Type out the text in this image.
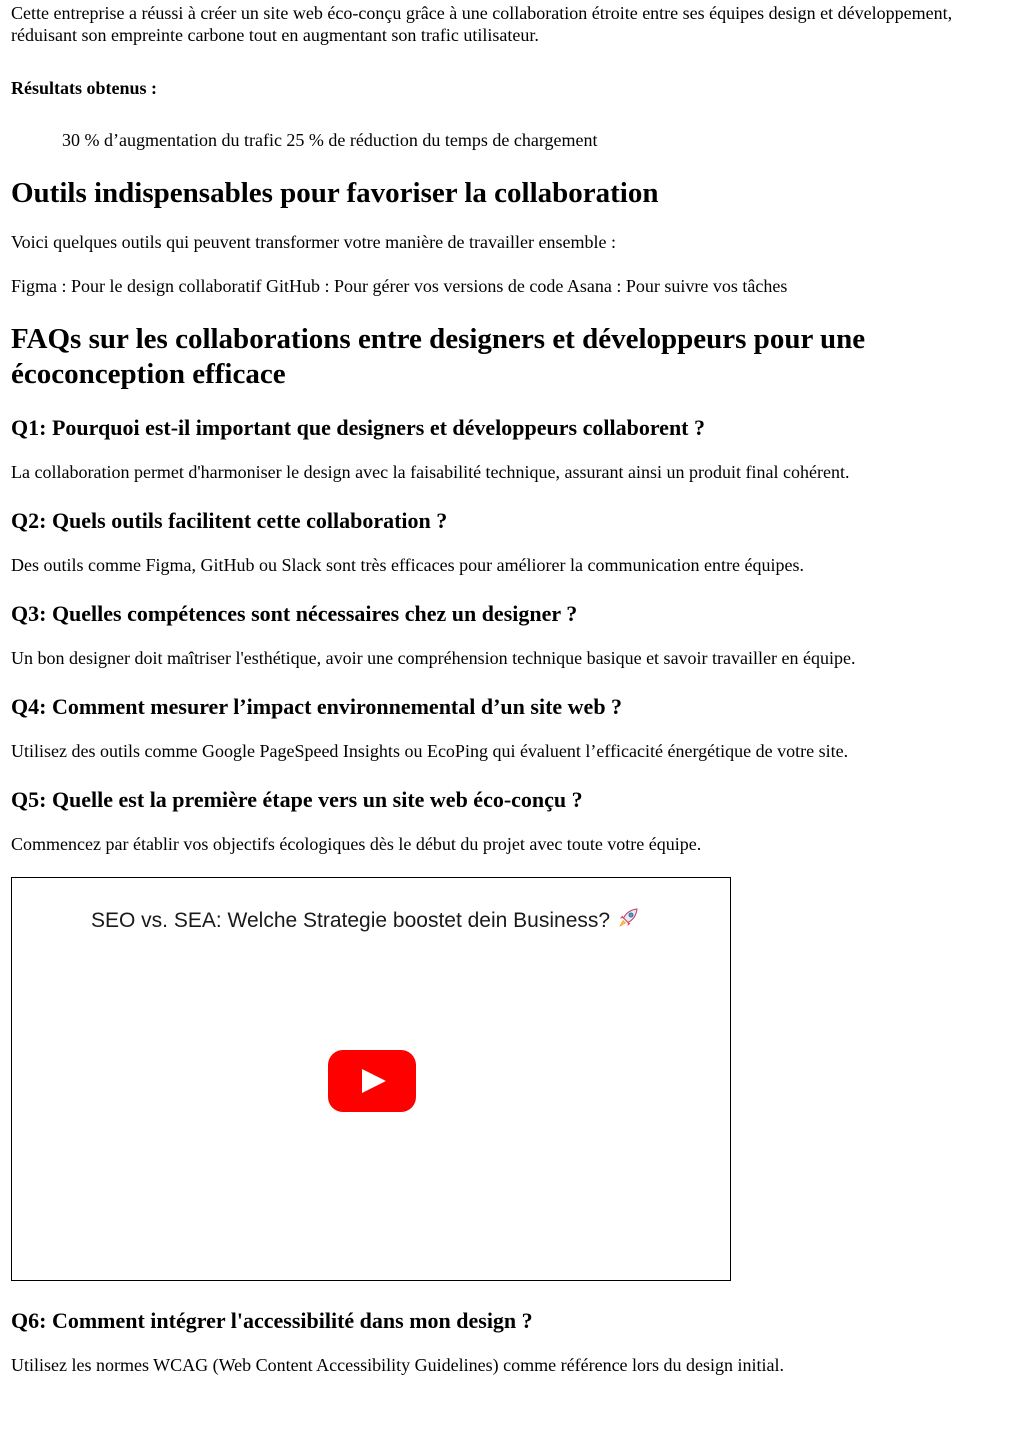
Cette entreprise a réussi à créer un site web éco-conçu grâce à une collaboration étroite entre ses équipes design et développement, réduisant son empreinte carbone tout en augmentant son trafic utilisateur.

Résultats obtenus :

30 % d’augmentation du trafic 25 % de réduction du temps de chargement

Outils indispensables pour favoriser la collaboration

Voici quelques outils qui peuvent transformer votre manière de travailler ensemble :

Figma : Pour le design collaboratif GitHub : Pour gérer vos versions de code Asana : Pour suivre vos tâches

FAQs sur les collaborations entre designers et développeurs pour une écoconception efficace
Q1: Pourquoi est-il important que designers et développeurs collaborent ?

La collaboration permet d'harmoniser le design avec la faisabilité technique, assurant ainsi un produit final cohérent.

Q2: Quels outils facilitent cette collaboration ?

Des outils comme Figma, GitHub ou Slack sont très efficaces pour améliorer la communication entre équipes.

Q3: Quelles compétences sont nécessaires chez un designer ?

Un bon designer doit maîtriser l'esthétique, avoir une compréhension technique basique et savoir travailler en équipe.

Q4: Comment mesurer l’impact environnemental d’un site web ?

Utilisez des outils comme Google PageSpeed Insights ou EcoPing qui évaluent l’efficacité énergétique de votre site.

Q5: Quelle est la première étape vers un site web éco-conçu ?

Commencez par établir vos objectifs écologiques dès le début du projet avec toute votre équipe.

SEO vs. SEA: Welche Strategie boostet dein Business?
Q6: Comment intégrer l'accessibilité dans mon design ?

Utilisez les normes WCAG (Web Content Accessibility Guidelines) comme référence lors du design initial.
